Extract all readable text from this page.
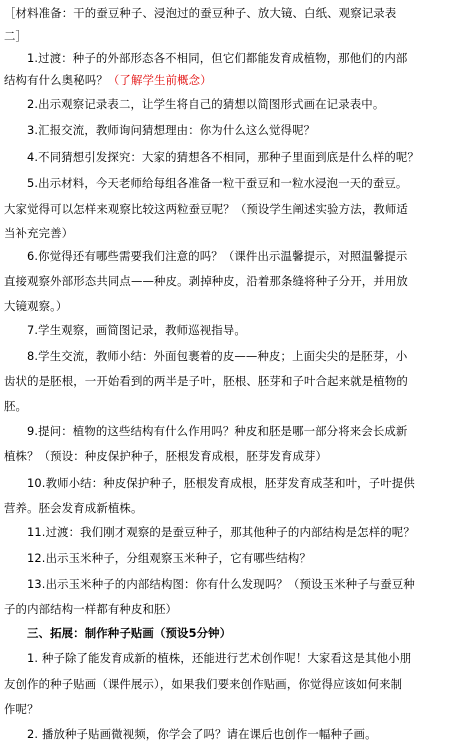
［材料准备：干的蚕豆种子、浸泡过的蚕豆种子、放大镜、白纸、观察记录表
二］
1.过渡：种子的外部形态各不相同，但它们都能发育成植物，那他们的内部
结构有什么奥秘吗？（了解学生前概念）
2.出示观察记录表二，让学生将自己的猜想以简图形式画在记录表中。
3.汇报交流，教师询问猜想理由：你为什么这么觉得呢？
4.不同猜想引发探究：大家的猜想各不相同，那种子里面到底是什么样的呢？
5.出示材料，今天老师给每组各准备一粒干蚕豆和一粒水浸泡一天的蚕豆。
大家觉得可以怎样来观察比较这两粒蚕豆呢？（预设学生阐述实验方法，教师适
当补充完善）
6.你觉得还有哪些需要我们注意的吗？（课件出示温馨提示，对照温馨提示
直接观察外部形态共同点——种皮。剥掉种皮，沿着那条缝将种子分开，并用放
大镜观察。）
7.学生观察，画简图记录，教师巡视指导。
8.学生交流，教师小结：外面包裹着的皮——种皮；上面尖尖的是胚芽，小
齿状的是胚根，一开始看到的两半是子叶，胚根、胚芽和子叶合起来就是植物的
胚。
9.提问：植物的这些结构有什么作用吗？种皮和胚是哪一部分将来会长成新
植株？（预设：种皮保护种子，胚根发育成根，胚芽发育成芽）
10.教师小结：种皮保护种子，胚根发育成根，胚芽发育成茎和叶，子叶提供
营养。胚会发育成新植株。
11.过渡：我们刚才观察的是蚕豆种子，那其他种子的内部结构是怎样的呢？
12.出示玉米种子，分组观察玉米种子，它有哪些结构？
13.出示玉米种子的内部结构图：你有什么发现吗？（预设玉米种子与蚕豆种
子的内部结构一样都有种皮和胚）
三、拓展：制作种子贴画（预设5分钟）
1. 种子除了能发育成新的植株，还能进行艺术创作呢！大家看这是其他小朋
友创作的种子贴画（课件展示），如果我们要来创作贴画，你觉得应该如何来制
作呢？
2. 播放种子贴画微视频，你学会了吗？请在课后也创作一幅种子画。
